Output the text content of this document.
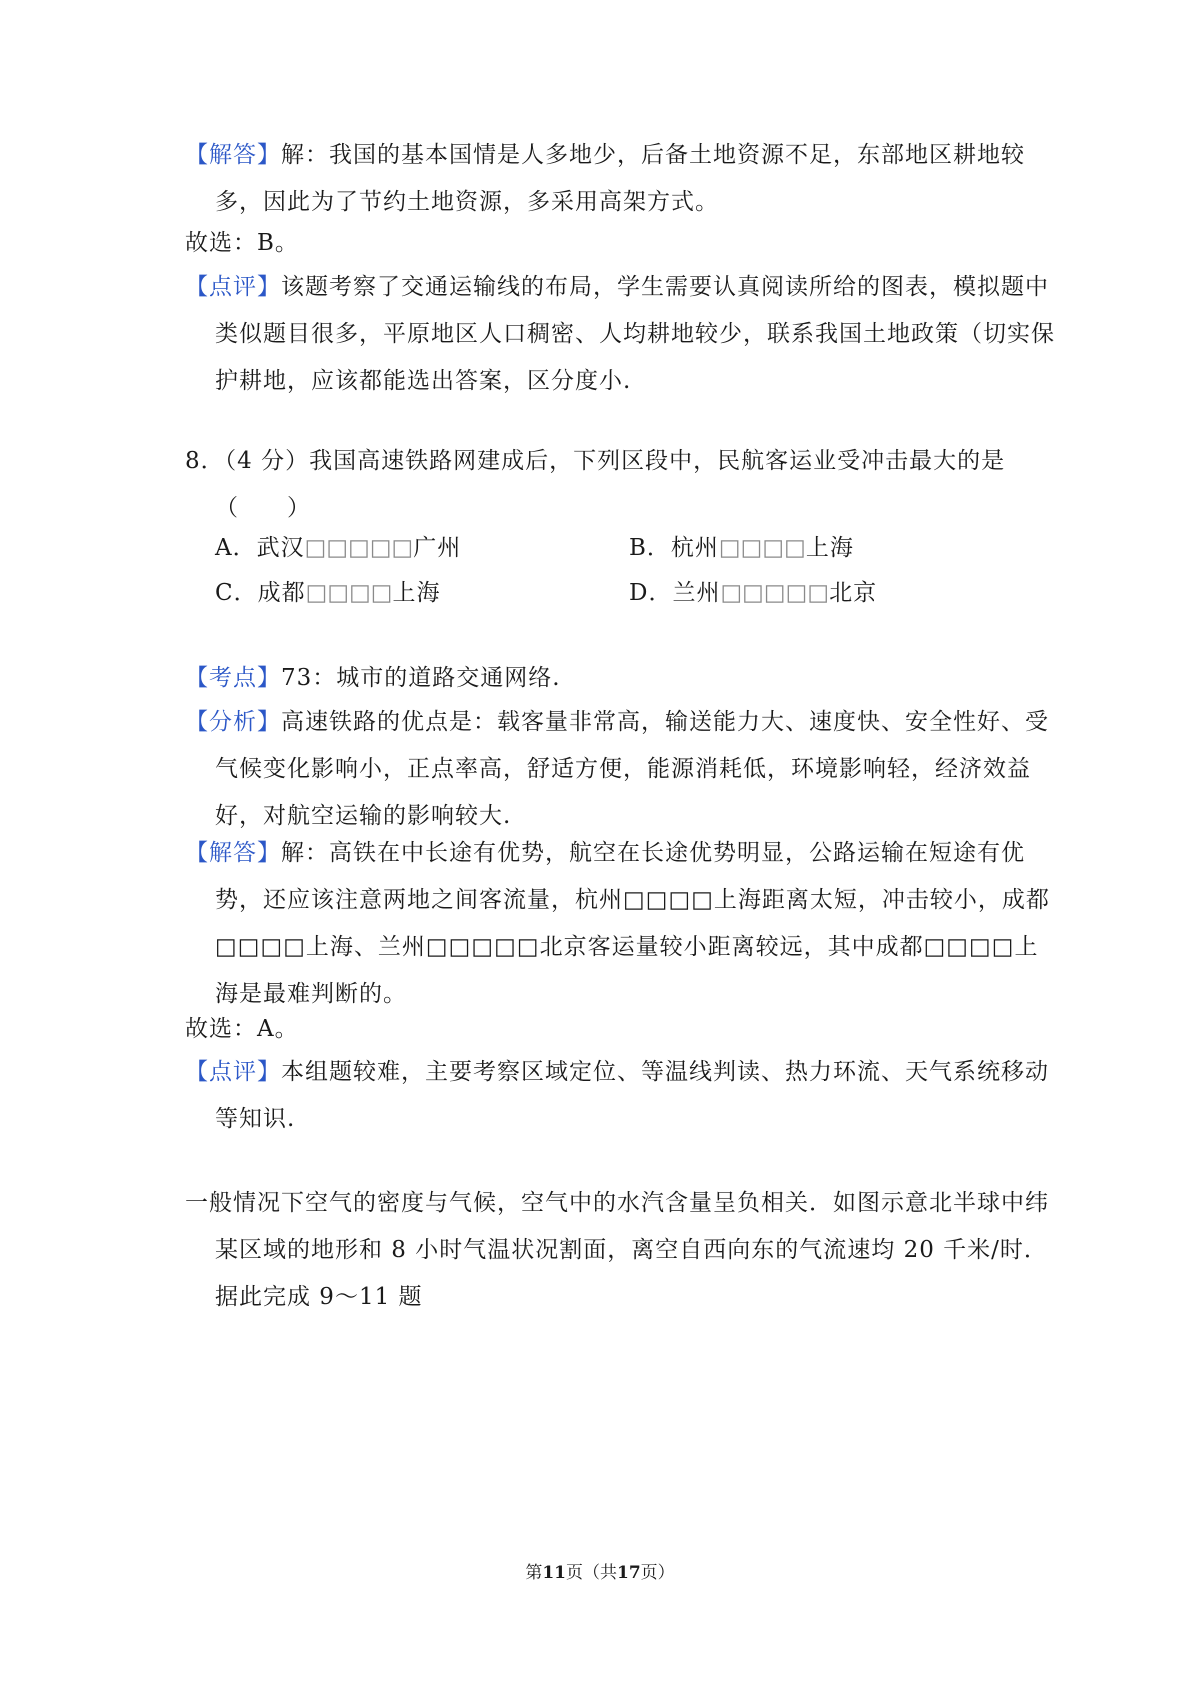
【解答】解：我国的基本国情是人多地少，后备土地资源不足，东部地区耕地较多，因此为了节约土地资源，多采用高架方式。

故选：B。

【点评】该题考察了交通运输线的布局，学生需要认真阅读所给的图表，模拟题中类似题目很多，平原地区人口稠密、人均耕地较少，联系我国土地政策（切实保护耕地，应该都能选出答案，区分度小.

8．（4 分）我国高速铁路网建成后，下列区段中，民航客运业受冲击最大的是（　　）

A．武汉□□□□□广州	B．杭州□□□□上海
C．成都□□□□上海	D．兰州□□□□□北京

【考点】73：城市的道路交通网络.

【分析】高速铁路的优点是：载客量非常高，输送能力大、速度快、安全性好、受气候变化影响小，正点率高，舒适方便，能源消耗低，环境影响轻，经济效益好，对航空运输的影响较大.

【解答】解：高铁在中长途有优势，航空在长途优势明显，公路运输在短途有优势，还应该注意两地之间客流量，杭州□□□□上海距离太短，冲击较小，成都□□□□上海、兰州□□□□□北京客运量较小距离较远，其中成都□□□□上海是最难判断的。

故选：A。

【点评】本组题较难，主要考察区域定位、等温线判读、热力环流、天气系统移动等知识.

一般情况下空气的密度与气候，空气中的水汽含量呈负相关．如图示意北半球中纬某区域的地形和 8 小时气温状况割面，离空自西向东的气流速均 20 千米/时．据此完成 9～11 题

第11页（共17页）
